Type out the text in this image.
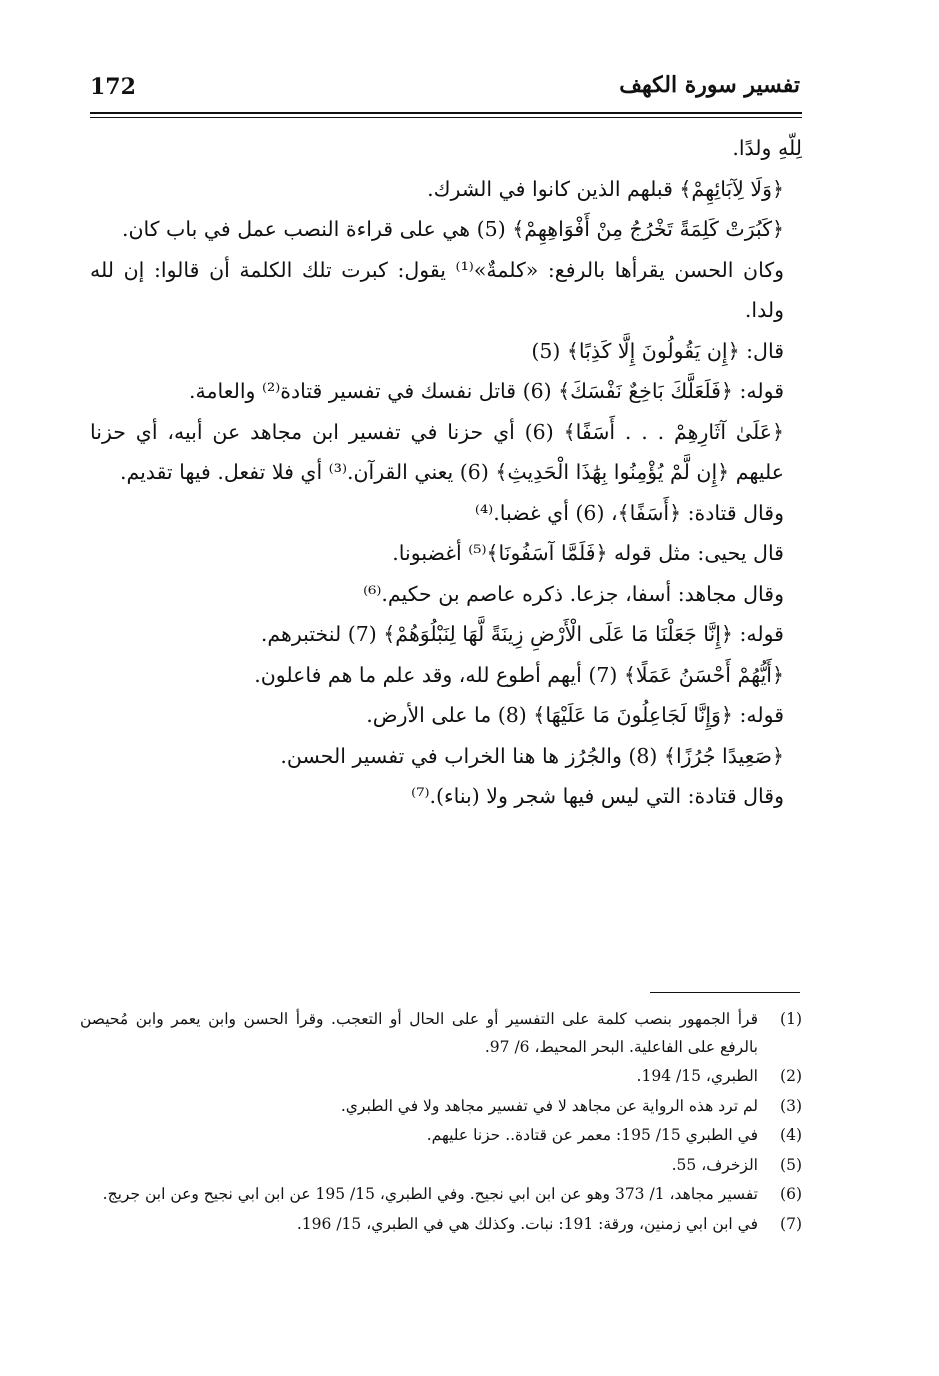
172	تفسير سورة الكهف

لِلّهِ ولدًا.

﴿وَلَا لِآبَائِهِمْ﴾ قبلهم الذين كانوا في الشرك.

﴿كَبُرَتْ كَلِمَةً تَخْرُجُ مِنْ أَفْوَاهِهِمْ﴾ (5) هي على قراءة النصب عمل في باب كان.

وكان الحسن يقرأها بالرفع: «كلمةٌ»⁽¹⁾ يقول: كبرت تلك الكلمة أن قالوا: إن لله ولدا.

قال: ﴿إِن يَقُولُونَ إِلَّا كَذِبًا﴾ (5)

قوله: ﴿فَلَعَلَّكَ بَاخِعٌ نَفْسَكَ﴾ (6) قاتل نفسك في تفسير قتادة⁽²⁾ والعامة.

﴿عَلَىٰ آثَارِهِمْ . . . أَسَفًا﴾ (6) أي حزنا في تفسير ابن مجاهد عن أبيه، أي حزنا عليهم ﴿إِن لَّمْ يُؤْمِنُوا بِهَٰذَا الْحَدِيثِ﴾ (6) يعني القرآن.⁽³⁾ أي فلا تفعل. فيها تقديم.

وقال قتادة: ﴿أَسَفًا﴾، (6) أي غضبا.⁽⁴⁾

قال يحيى: مثل قوله ﴿فَلَمَّا آسَفُونَا﴾⁽⁵⁾ أغضبونا.

وقال مجاهد: أسفا، جزعا. ذكره عاصم بن حكيم.⁽⁶⁾

قوله: ﴿إِنَّا جَعَلْنَا مَا عَلَى الْأَرْضِ زِينَةً لَّهَا لِنَبْلُوَهُمْ﴾ (7) لنختبرهم.

﴿أَيُّهُمْ أَحْسَنُ عَمَلًا﴾ (7) أيهم أطوع لله، وقد علم ما هم فاعلون.

قوله: ﴿وَإِنَّا لَجَاعِلُونَ مَا عَلَيْهَا﴾ (8) ما على الأرض.

﴿صَعِيدًا جُرُزًا﴾ (8) والجُرُز ها هنا الخراب في تفسير الحسن.

وقال قتادة: التي ليس فيها شجر ولا (بناء).⁽⁷⁾

(1)
قرأ الجمهور بنصب كلمة على التفسير أو على الحال أو التعجب. وقرأ الحسن وابن يعمر وابن مُحيصن بالرفع على الفاعلية. البحر المحيط، 6/ 97.
(2)
الطبري، 15/ 194.
(3)
لم ترد هذه الرواية عن مجاهد لا في تفسير مجاهد ولا في الطبري.
(4)
في الطبري 15/ 195: معمر عن قتادة.. حزنا عليهم.
(5)
الزخرف، 55.
(6)
تفسير مجاهد، 1/ 373 وهو عن ابن ابي نجيح. وفي الطبري، 15/ 195 عن ابن ابي نجيح وعن ابن جريج.
(7)
في ابن ابي زمنين، ورقة: 191: نبات. وكذلك هي في الطبري، 15/ 196.
